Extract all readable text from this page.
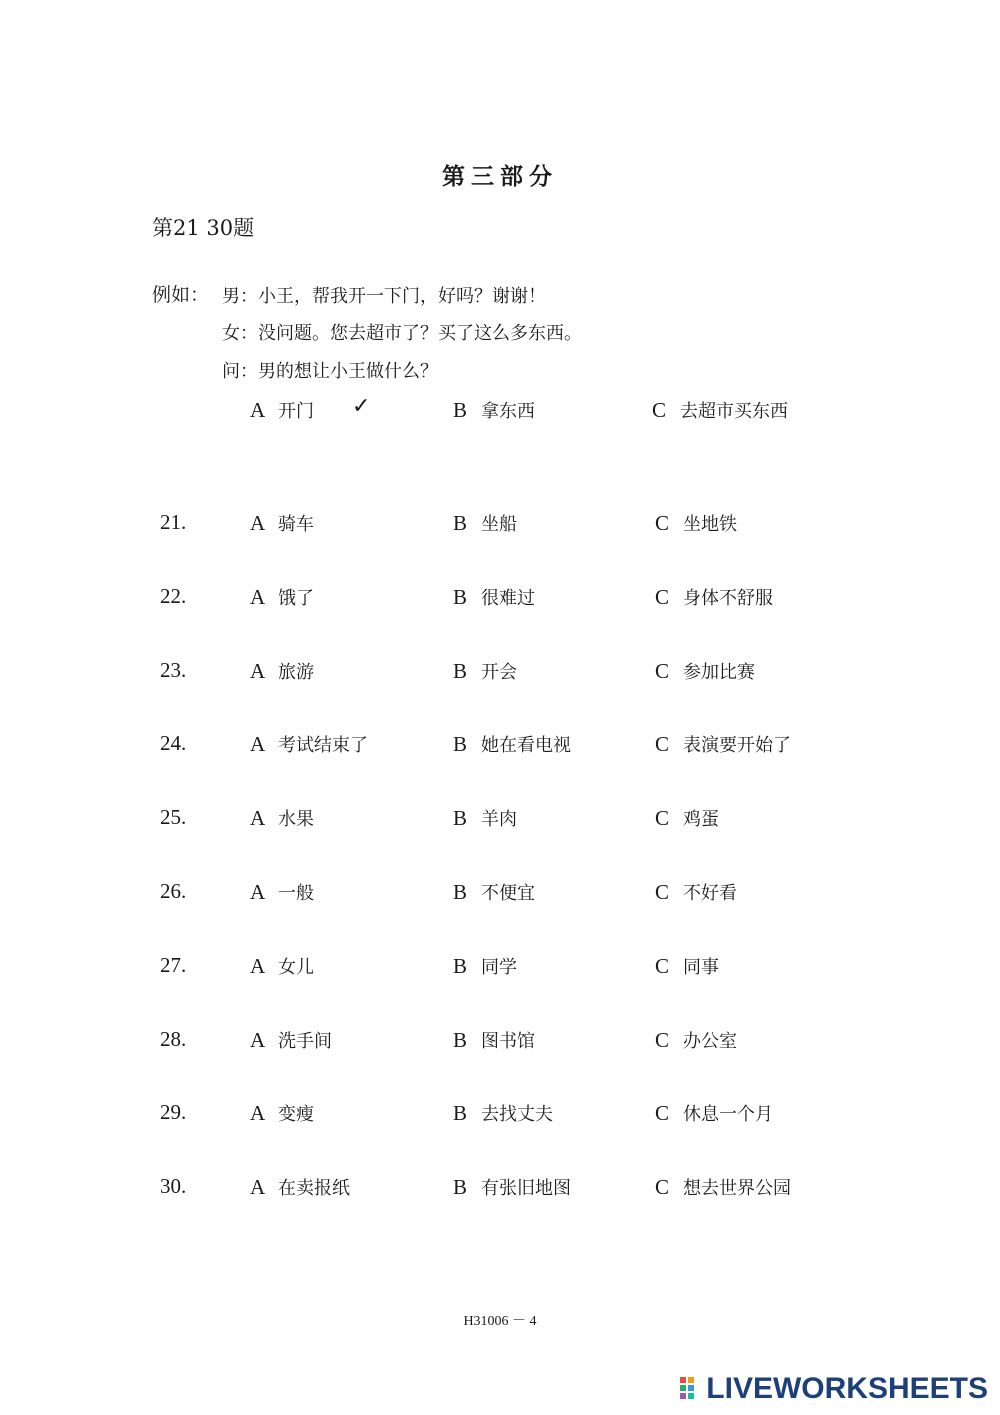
第三部分
第21 30题
例如： 男：小王，帮我开一下门，好吗？谢谢！
女：没问题。您去超市了？买了这么多东西。
问：男的想让小王做什么？
A 开门 ✓	B 拿东西	C 去超市买东西
21.	A 骑车	B 坐船	C 坐地铁
22.	A 饿了	B 很难过	C 身体不舒服
23.	A 旅游	B 开会	C 参加比赛
24.	A 考试结束了	B 她在看电视	C 表演要开始了
25.	A 水果	B 羊肉	C 鸡蛋
26.	A 一般	B 不便宜	C 不好看
27.	A 女儿	B 同学	C 同事
28.	A 洗手间	B 图书馆	C 办公室
29.	A 变瘦	B 去找丈夫	C 休息一个月
30.	A 在卖报纸	B 有张旧地图	C 想去世界公园
H31006 － 4
LIVEWORKSHEETS
